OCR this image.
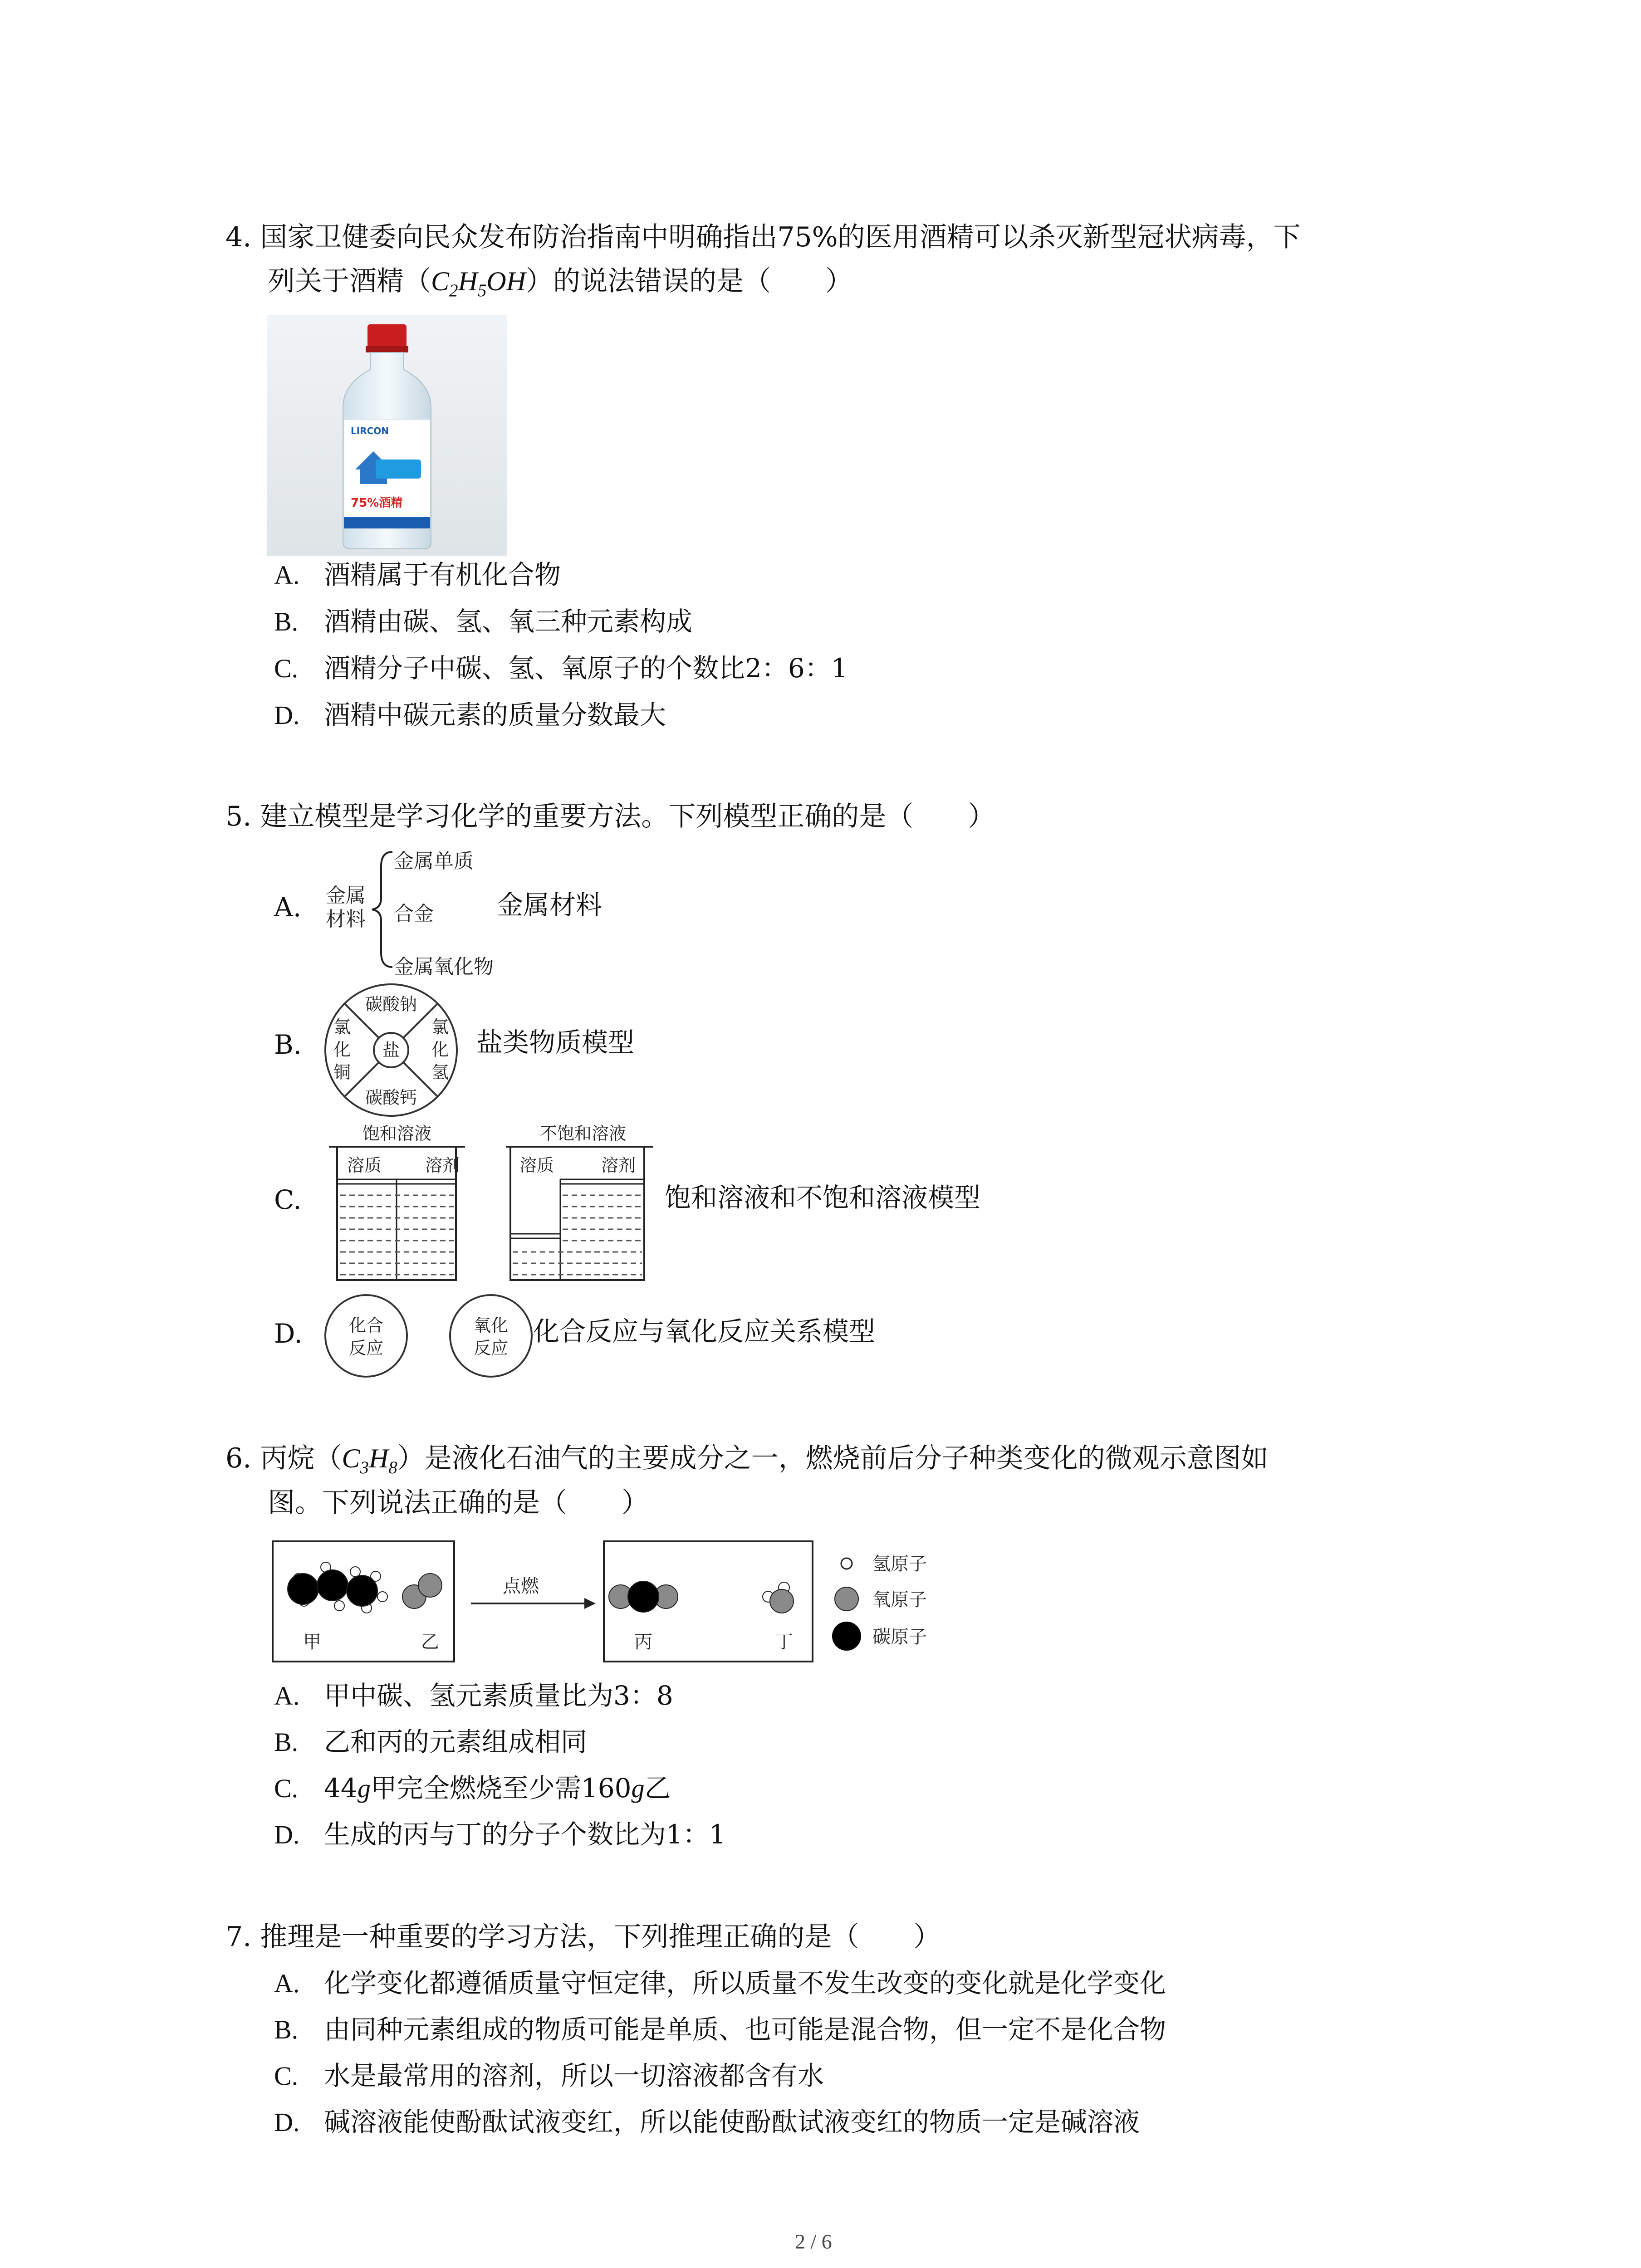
4. 国家卫健委向民众发布防治指南中明确指出75%的医用酒精可以杀灭新型冠状病毒，下
列关于酒精$(C_2H_5OH)$的说法错误的是（　　）
LIRCON
75%酒精
A. 酒精属于有机化合物
B. 酒精由碳、氢、氧三种元素构成
C. 酒精分子中碳、氢、氧原子的个数比2：6：1
D. 酒精中碳元素的质量分数最大
5. 建立模型是学习化学的重要方法。下列模型正确的是（　　）
A. 金属
材料
金属单质
合金
金属氧化物
金属材料
B.	盐
碳酸钠
碳酸钙
氯
化
铜
氯
化
氢
盐类物质模型
C.
饱和溶液	不饱和溶液
溶质	溶剂	溶质	溶剂
饱和溶液和不饱和溶液模型
D.	化合
反应
氧化
反应
化合反应与氧化反应关系模型
6. 丙烷$(C_3H_8)$是液化石油气的主要成分之一，燃烧前后分子种类变化的微观示意图如
图。下列说法正确的是（　　）
甲	乙
点燃
丙	丁
氢原子
氧原子
碳原子
A. 甲中碳、氢元素质量比为3：8
B. 乙和丙的元素组成相同
C. 44g甲完全燃烧至少需160g乙
D. 生成的丙与丁的分子个数比为1：1
7. 推理是一种重要的学习方法，下列推理正确的是（　　）
A. 化学变化都遵循质量守恒定律，所以质量不发生改变的变化就是化学变化
B. 由同种元素组成的物质可能是单质、也可能是混合物，但一定不是化合物
C. 水是最常用的溶剂，所以一切溶液都含有水
D. 碱溶液能使酚酞试液变红，所以能使酚酞试液变红的物质一定是碱溶液
2 / 6
